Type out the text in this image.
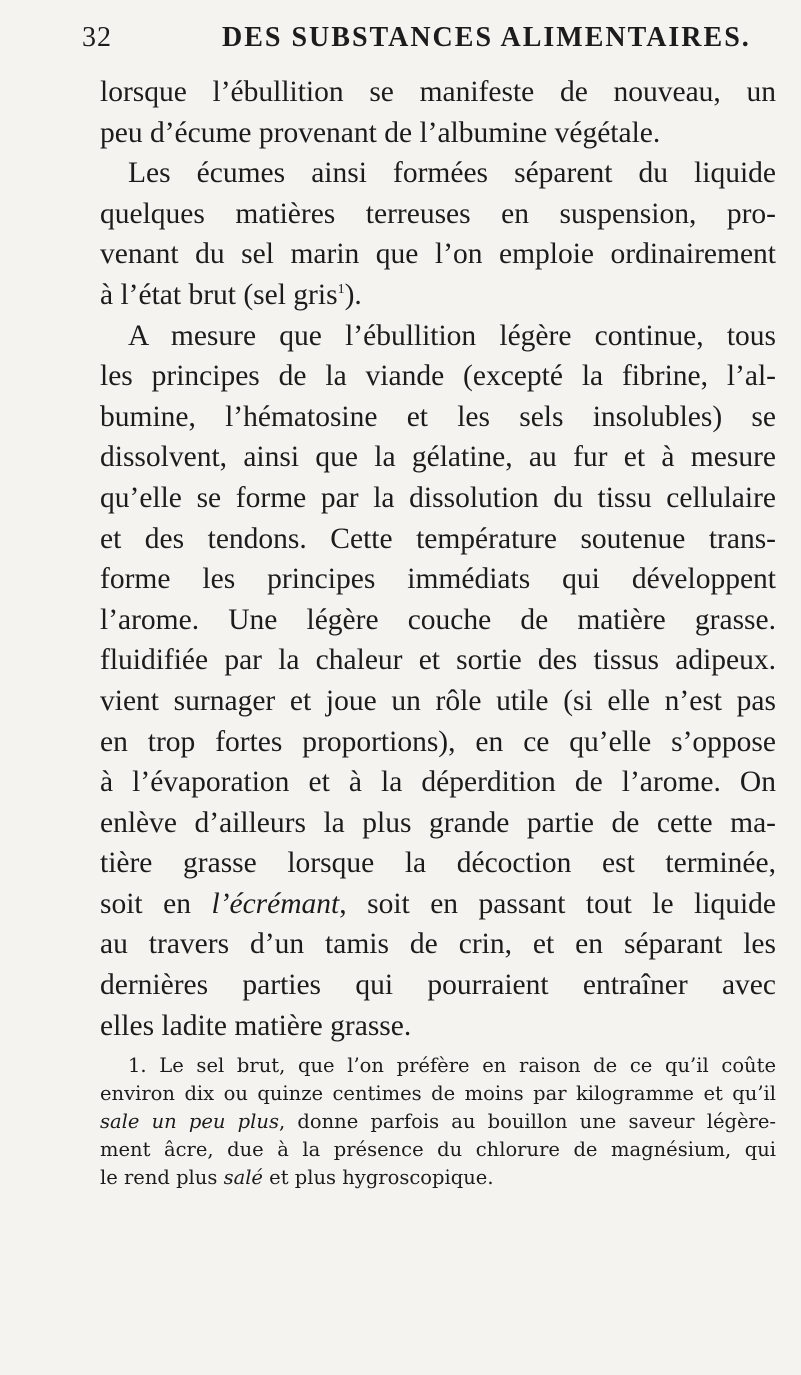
32	DES SUBSTANCES ALIMENTAIRES.
lorsque l’ébullition se manifeste de nouveau, un
peu d’écume provenant de l’albumine végétale.
Les écumes ainsi formées séparent du liquide
quelques matières terreuses en suspension, pro-
venant du sel marin que l’on emploie ordinairement
à l’état brut (sel gris$^1$).
A mesure que l’ébullition légère continue, tous
les principes de la viande (excepté la fibrine, l’al-
bumine, l’hématosine et les sels insolubles) se
dissolvent, ainsi que la gélatine, au fur et à mesure
qu’elle se forme par la dissolution du tissu cellulaire
et des tendons. Cette température soutenue trans-
forme les principes immédiats qui développent
l’arome. Une légère couche de matière grasse.
fluidifiée par la chaleur et sortie des tissus adipeux.
vient surnager et joue un rôle utile (si elle n’est pas
en trop fortes proportions), en ce qu’elle s’oppose
à l’évaporation et à la déperdition de l’arome. On
enlève d’ailleurs la plus grande partie de cette ma-
tière grasse lorsque la décoction est terminée,
soit en l’écrémant, soit en passant tout le liquide
au travers d’un tamis de crin, et en séparant les
dernières parties qui pourraient entraîner avec
elles ladite matière grasse.
1. Le sel brut, que l’on préfère en raison de ce qu’il coûte
environ dix ou quinze centimes de moins par kilogramme et qu’il
sale un peu plus, donne parfois au bouillon une saveur légère-
ment âcre, due à la présence du chlorure de magnésium, qui
le rend plus salé et plus hygroscopique.
